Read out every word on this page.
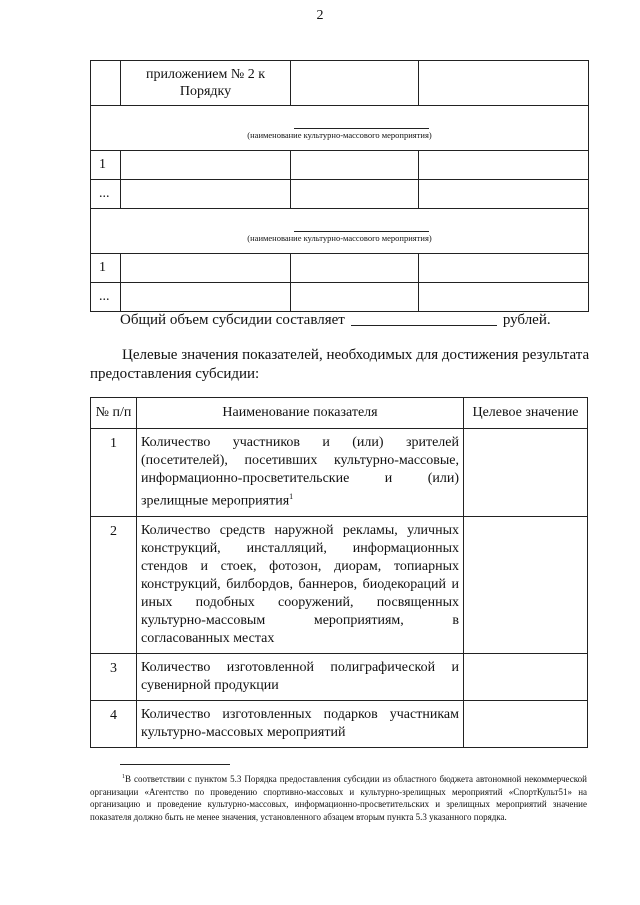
2
	приложением № 2 к Порядку		

(наименование культурно-массового мероприятия)			

1			
...			

(наименование культурно-массового мероприятия)			

1			
...			
Общий объем субсидии составляет	рублей.

Целевые значения показателей, необходимых для достижения результата предоставления субсидии:

№ п/п	Наименование показателя	Целевое значение
1	Количество участников и (или) зрителей (посетителей), посетивших культурно-массовые, информационно-просветительские и (или) зрелищные мероприятия$^1$	
2	Количество средств наружной рекламы, уличных конструкций, инсталляций, информационных стендов и стоек, фотозон, диорам, топиарных конструкций, билбордов, баннеров, биодекораций и иных подобных сооружений, посвященных культурно-массовым мероприятиям, в согласованных местах	
3	Количество изготовленной полиграфической и сувенирной продукции	
4	Количество изготовленных подарков участникам культурно-массовых мероприятий	

$^1$В соответствии с пунктом 5.3 Порядка предоставления субсидии из областного бюджета автономной некоммерческой организации «Агентство по проведению спортивно-массовых и культурно-зрелищных мероприятий «СпортКульт51» на организацию и проведение культурно-массовых, информационно-просветительских и зрелищных мероприятий значение показателя должно быть не менее значения, установленного абзацем вторым пункта 5.3 указанного порядка.
